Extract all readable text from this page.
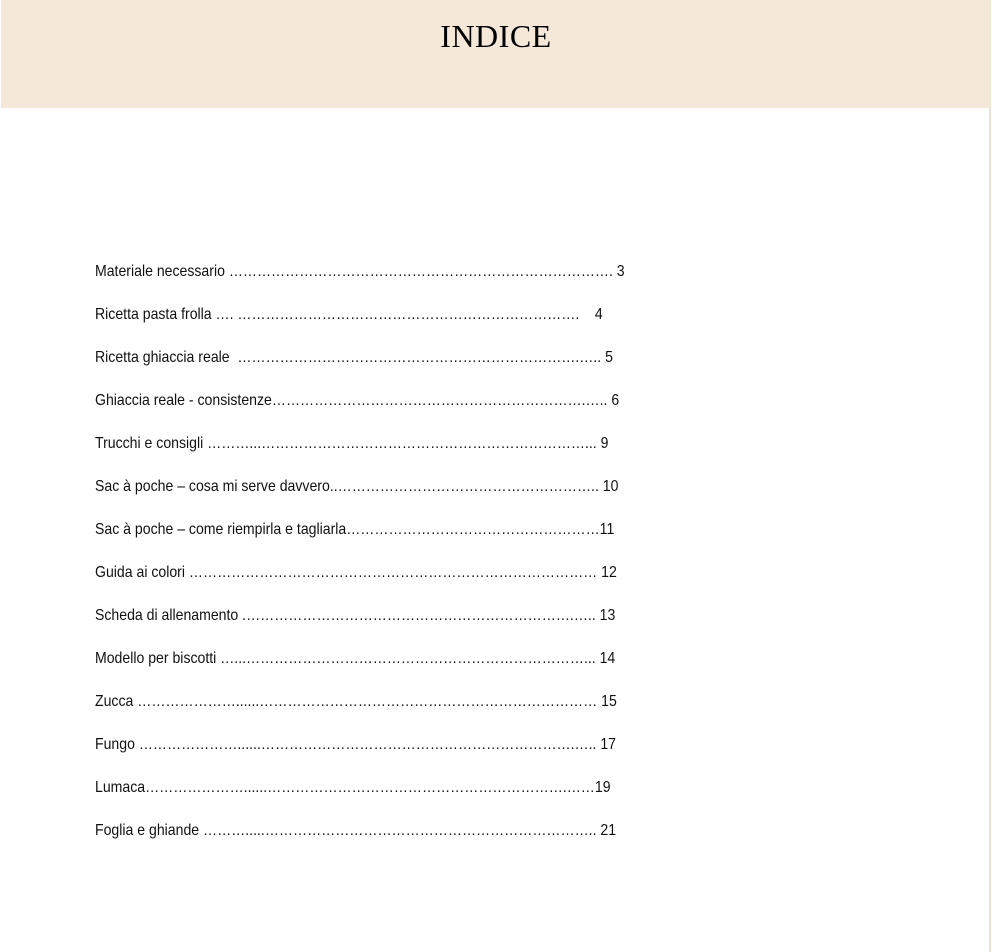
INDICE
Materiale necessario ………………………………………………………………………. 3
Ricetta pasta frolla …. ……………………………………………………………….    4
Ricetta ghiaccia reale  ……………………………………………………………….….. 5
Ghiaccia reale - consistenze………………………………………………………….….. 6
Trucchi e consigli ………...……………………………………………………………... 9
Sac à poche – cosa mi serve davvero..……………………………………………….. 10
Sac à poche – come riempirla e tagliarla………………………………………………11
Guida ai colori …………………………………………………………………………… 12
Scheda di allenamento .…………………………………………………………….….. 13
Modello per biscotti …...………………………………………………………………... 14
Zucca …………………......……………………………………………………………… 15
Fungo …………………......………………………………………………………….….. 17
Lumaca…………………......……………………………………………………….……19
Foglia e ghiande ……….....…………………………………………………………….. 21
